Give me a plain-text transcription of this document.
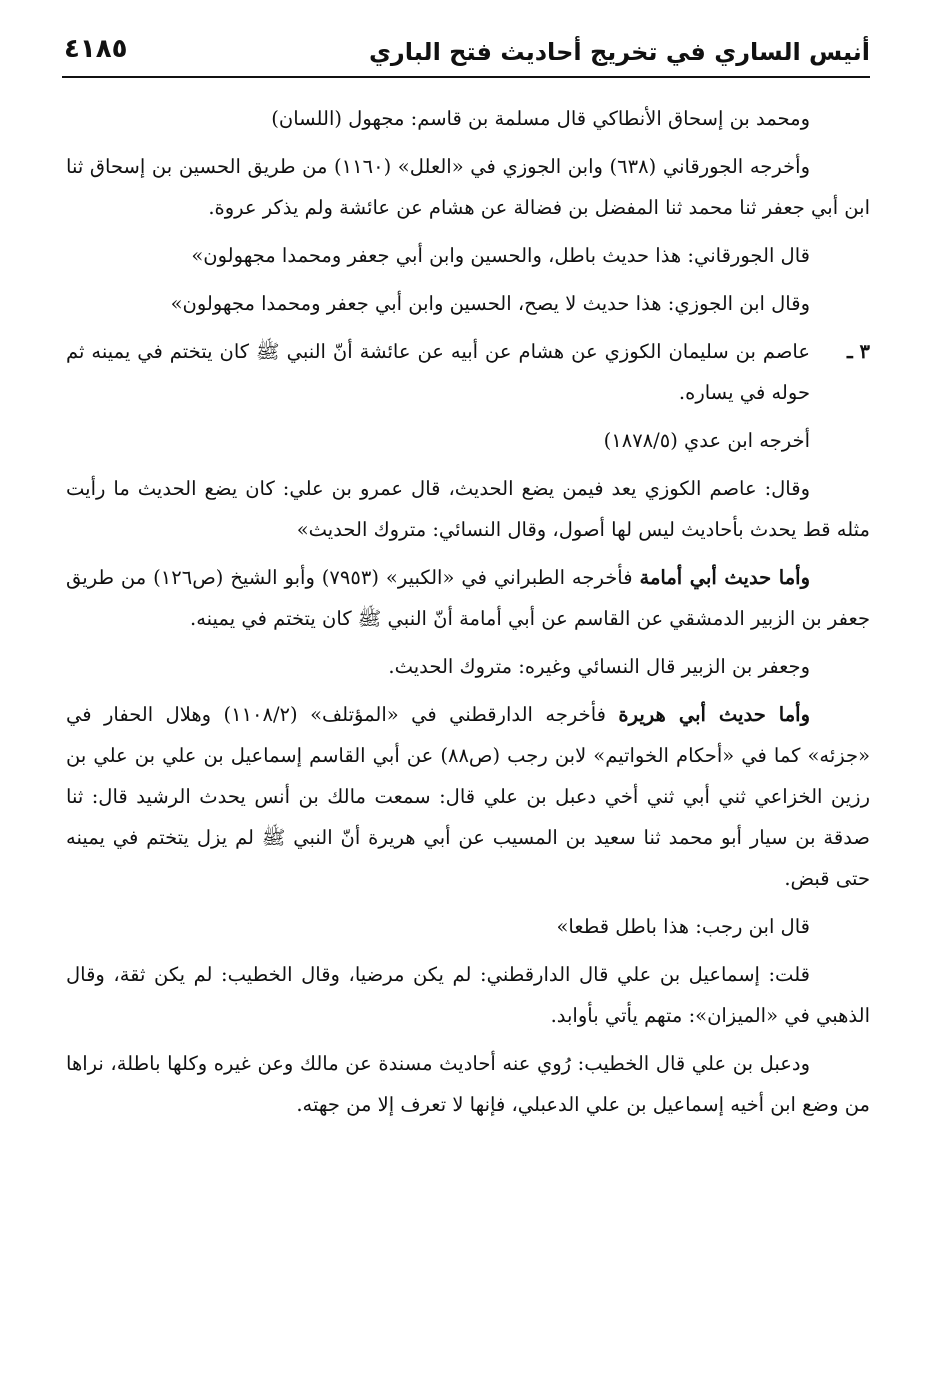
أنيس الساري في تخريج أحاديث فتح الباري
٤١٨٥

ومحمد بن إسحاق الأنطاكي قال مسلمة بن قاسم: مجهول (اللسان)

وأخرجه الجورقاني (٦٣٨) وابن الجوزي في «العلل» (١١٦٠) من طريق الحسين بن إسحاق ثنا ابن أبي جعفر ثنا محمد ثنا المفضل بن فضالة عن هشام عن عائشة ولم يذكر عروة.

قال الجورقاني: هذا حديث باطل، والحسين وابن أبي جعفر ومحمدا مجهولون»

وقال ابن الجوزي: هذا حديث لا يصح، الحسين وابن أبي جعفر ومحمدا مجهولون»

٣ ـعاصم بن سليمان الكوزي عن هشام عن أبيه عن عائشة أنّ النبي ﷺ كان يتختم في يمينه ثم حوله في يساره.

أخرجه ابن عدي (١٨٧٨/٥)

وقال: عاصم الكوزي يعد فيمن يضع الحديث، قال عمرو بن علي: كان يضع الحديث ما رأيت مثله قط يحدث بأحاديث ليس لها أصول، وقال النسائي: متروك الحديث»

وأما حديث أبي أمامة فأخرجه الطبراني في «الكبير» (٧٩٥٣) وأبو الشيخ (ص١٢٦) من طريق جعفر بن الزبير الدمشقي عن القاسم عن أبي أمامة أنّ النبي ﷺ كان يتختم في يمينه.

وجعفر بن الزبير قال النسائي وغيره: متروك الحديث.

وأما حديث أبي هريرة فأخرجه الدارقطني في «المؤتلف» (١١٠٨/٢) وهلال الحفار في «جزئه» كما في «أحكام الخواتيم» لابن رجب (ص٨٨) عن أبي القاسم إسماعيل بن علي بن علي بن رزين الخزاعي ثني أبي ثني أخي دعبل بن علي قال: سمعت مالك بن أنس يحدث الرشيد قال: ثنا صدقة بن سيار أبو محمد ثنا سعيد بن المسيب عن أبي هريرة أنّ النبي ﷺ لم يزل يتختم في يمينه حتى قبض.

قال ابن رجب: هذا باطل قطعا»

قلت: إسماعيل بن علي قال الدارقطني: لم يكن مرضيا، وقال الخطيب: لم يكن ثقة، وقال الذهبي في «الميزان»: متهم يأتي بأوابد.

ودعبل بن علي قال الخطيب: رُوي عنه أحاديث مسندة عن مالك وعن غيره وكلها باطلة، نراها من وضع ابن أخيه إسماعيل بن علي الدعبلي، فإنها لا تعرف إلا من جهته.
